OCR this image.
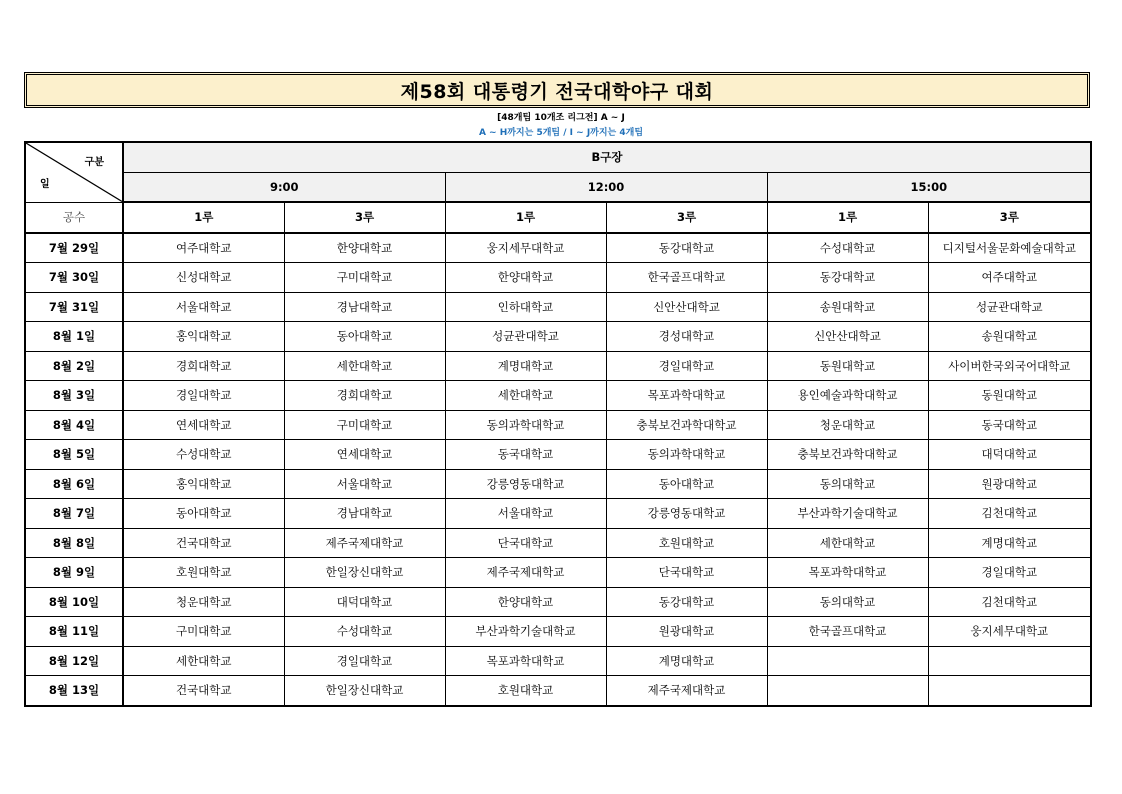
제58회 대통령기 전국대학야구 대회
[48개팀 10개조 리그전] A ~ J
A ~ H까지는 5개팀 / I ~ J까지는 4개팀
구분
일	B구장					
	9:00		12:00		15:00	
공수	1루	3루	1루	3루	1루	3루
7월 29일	여주대학교	한양대학교	웅지세무대학교	동강대학교	수성대학교	디지털서울문화예술대학교
7월 30일	신성대학교	구미대학교	한양대학교	한국골프대학교	동강대학교	여주대학교
7월 31일	서울대학교	경남대학교	인하대학교	신안산대학교	송원대학교	성균관대학교
8월 1일	홍익대학교	동아대학교	성균관대학교	경성대학교	신안산대학교	송원대학교
8월 2일	경희대학교	세한대학교	계명대학교	경일대학교	동원대학교	사이버한국외국어대학교
8월 3일	경일대학교	경희대학교	세한대학교	목포과학대학교	용인예술과학대학교	동원대학교
8월 4일	연세대학교	구미대학교	동의과학대학교	충북보건과학대학교	청운대학교	동국대학교
8월 5일	수성대학교	연세대학교	동국대학교	동의과학대학교	충북보건과학대학교	대덕대학교
8월 6일	홍익대학교	서울대학교	강릉영동대학교	동아대학교	동의대학교	원광대학교
8월 7일	동아대학교	경남대학교	서울대학교	강릉영동대학교	부산과학기술대학교	김천대학교
8월 8일	건국대학교	제주국제대학교	단국대학교	호원대학교	세한대학교	계명대학교
8월 9일	호원대학교	한일장신대학교	제주국제대학교	단국대학교	목포과학대학교	경일대학교
8월 10일	청운대학교	대덕대학교	한양대학교	동강대학교	동의대학교	김천대학교
8월 11일	구미대학교	수성대학교	부산과학기술대학교	원광대학교	한국골프대학교	웅지세무대학교
8월 12일	세한대학교	경일대학교	목포과학대학교	계명대학교		
8월 13일	건국대학교	한일장신대학교	호원대학교	제주국제대학교		
